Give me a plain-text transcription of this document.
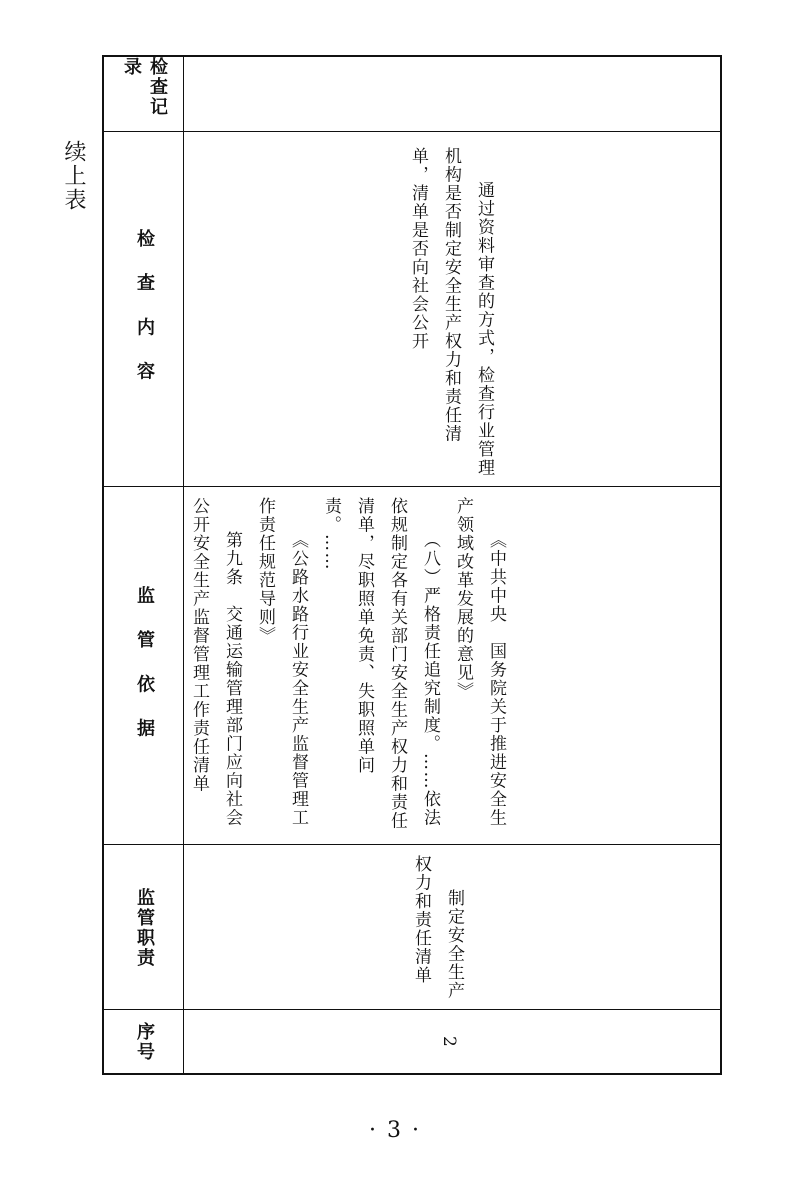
续上表
检查记录
检 查 内 容
监 管 依 据
监管职责
序号
通过资料审查的方式，检查行业管理机构是否制定安全生产权力和责任清单，清单是否向社会公开

《中共中央　国务院关于推进安全生产领域改革发展的意见》

（八）严格责任追究制度。……依法依规制定各有关部门安全生产权力和责任清单，尽职照单免责、失职照单问责。……

《公路水路行业安全生产监督管理工作责任规范导则》

第九条　交通运输管理部门应向社会公开安全生产监督管理工作责任清单

制定安全生产权力和责任清单
2
· 3 ·
